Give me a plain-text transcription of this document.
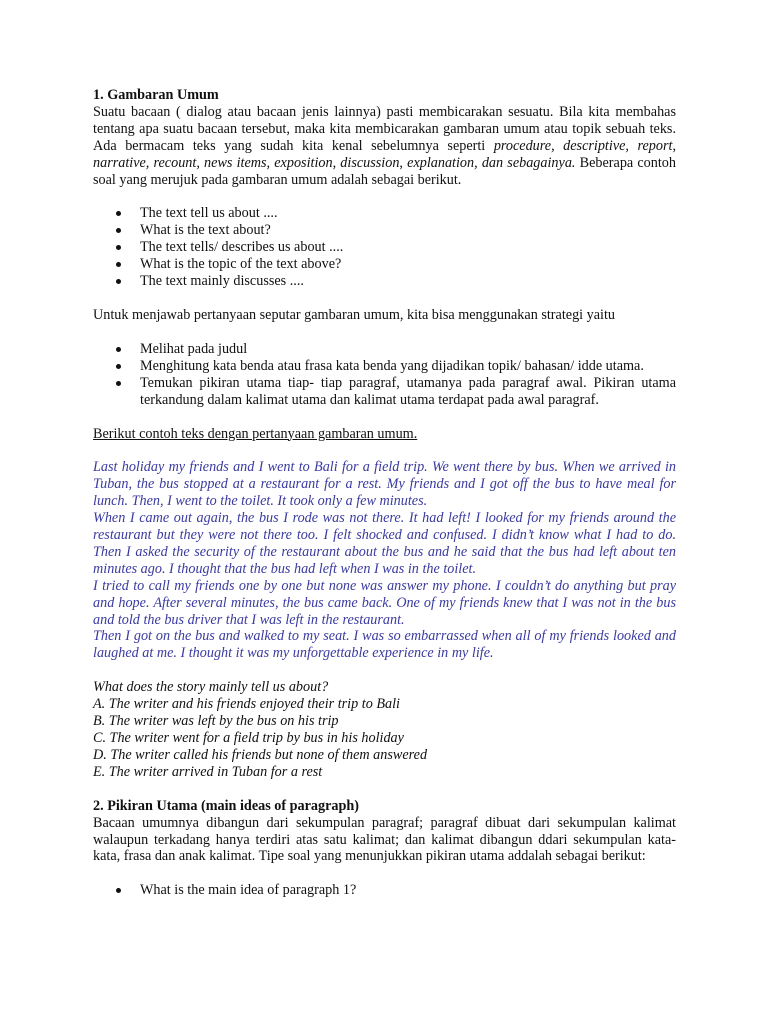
1. Gambaran Umum

Suatu bacaan ( dialog atau bacaan jenis lainnya) pasti membicarakan sesuatu. Bila kita membahas tentang apa suatu bacaan tersebut, maka kita membicarakan gambaran umum atau topik sebuah teks. Ada bermacam teks yang sudah kita kenal sebelumnya seperti procedure, descriptive, report, narrative, recount, news items, exposition, discussion, explanation, dan sebagainya. Beberapa contoh soal yang merujuk pada gambaran umum adalah sebagai berikut.

The text tell us about ....
What is the text about?
The text tells/ describes us about ....
What is the topic of the text above?
The text mainly discusses ....

Untuk menjawab pertanyaan seputar gambaran umum, kita bisa menggunakan strategi yaitu

Melihat pada judul
Menghitung kata benda atau frasa kata benda yang dijadikan topik/ bahasan/ idde utama.
Temukan pikiran utama tiap- tiap paragraf, utamanya pada paragraf awal. Pikiran utama terkandung dalam kalimat utama dan kalimat utama terdapat pada awal paragraf.

Berikut contoh teks dengan pertanyaan gambaran umum.

Last holiday my friends and I went to Bali for a field trip. We went there by bus. When we arrived in Tuban, the bus stopped at a restaurant for a rest. My friends and I got off the bus to have meal for lunch. Then, I went to the toilet. It took only a few minutes.

When I came out again, the bus I rode was not there. It had left! I looked for my friends around the restaurant but they were not there too. I felt shocked and confused. I didn’t know what I had to do. Then I asked the security of the restaurant about the bus and he said that the bus had left about ten minutes ago. I thought that the bus had left when I was in the toilet.

I tried to call my friends one by one but none was answer my phone. I couldn’t do anything but pray and hope. After several minutes, the bus came back. One of my friends knew that I was not in the bus and told the bus driver that I was left in the restaurant.

Then I got on the bus and walked to my seat. I was so embarrassed when all of my friends looked and laughed at me. I thought it was my unforgettable experience in my life.

What does the story mainly tell us about?

A. The writer and his friends enjoyed their trip to Bali

B. The writer was left by the bus on his trip

C. The writer went for a field trip by bus in his holiday

D. The writer called his friends but none of them answered

E. The writer arrived in Tuban for a rest

2. Pikiran Utama (main ideas of paragraph)

Bacaan umumnya dibangun dari sekumpulan paragraf; paragraf dibuat dari sekumpulan kalimat walaupun terkadang hanya terdiri atas satu kalimat; dan kalimat dibangun ddari sekumpulan kata- kata, frasa dan anak kalimat. Tipe soal yang menunjukkan pikiran utama addalah sebagai berikut:

What is the main idea of paragraph 1?
